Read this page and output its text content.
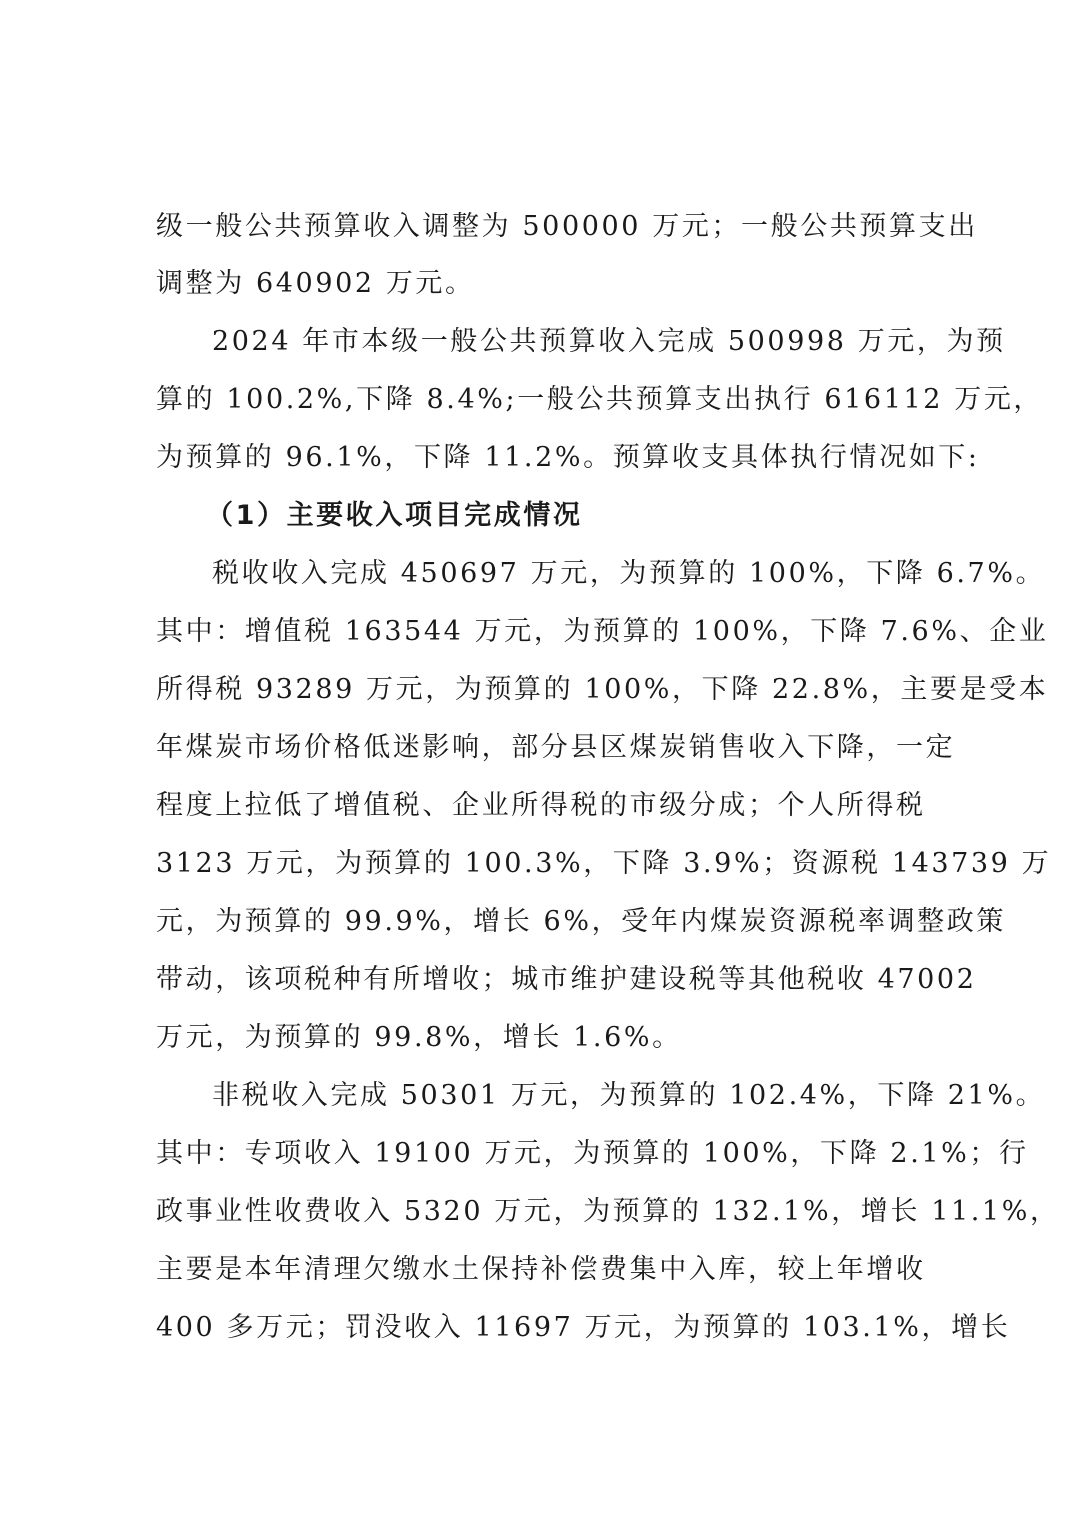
级一般公共预算收入调整为 500000 万元；一般公共预算支出
调整为 640902 万元。
2024 年市本级一般公共预算收入完成 500998 万元，为预
算的 100.2%,下降 8.4%;一般公共预算支出执行 616112 万元，
为预算的 96.1%，下降 11.2%。预算收支具体执行情况如下:
（1）主要收入项目完成情况
税收收入完成 450697 万元，为预算的 100%，下降 6.7%。
其中：增值税 163544 万元，为预算的 100%，下降 7.6%、企业
所得税 93289 万元，为预算的 100%，下降 22.8%，主要是受本
年煤炭市场价格低迷影响，部分县区煤炭销售收入下降，一定
程度上拉低了增值税、企业所得税的市级分成；个人所得税
3123 万元，为预算的 100.3%，下降 3.9%；资源税 143739 万
元，为预算的 99.9%，增长 6%，受年内煤炭资源税率调整政策
带动，该项税种有所增收；城市维护建设税等其他税收 47002
万元，为预算的 99.8%，增长 1.6%。
非税收入完成 50301 万元，为预算的 102.4%，下降 21%。
其中：专项收入 19100 万元，为预算的 100%，下降 2.1%；行
政事业性收费收入 5320 万元，为预算的 132.1%，增长 11.1%，
主要是本年清理欠缴水土保持补偿费集中入库，较上年增收
400 多万元；罚没收入 11697 万元，为预算的 103.1%，增长
